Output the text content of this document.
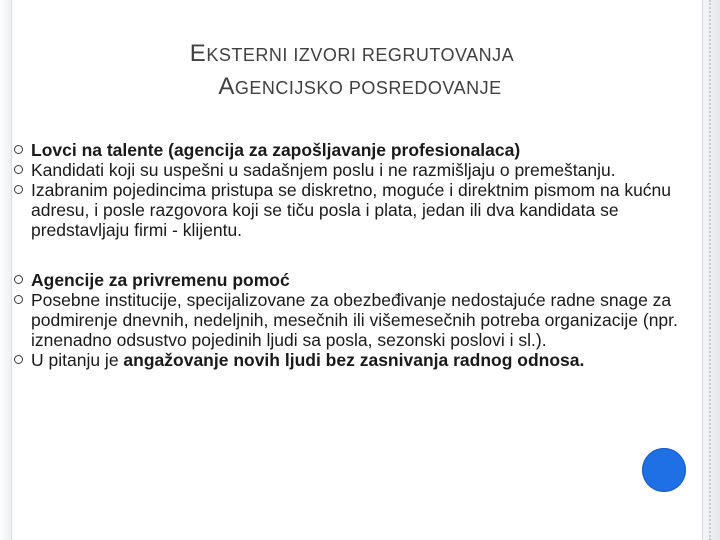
EKSTERNI IZVORI REGRUTOVANJA
AGENCIJSKO POSREDOVANJE
Lovci na talente (agencija za zapošljavanje profesionalaca)
Kandidati koji su uspešni u sadašnjem poslu i ne razmišljaju o premeštanju.
Izabranim pojedincima pristupa se diskretno, moguće i direktnim pismom na kućnu adresu, i posle razgovora koji se tiču posla i plata, jedan ili dva kandidata se predstavljaju firmi - klijentu.
Agencije za privremenu pomoć
Posebne institucije, specijalizovane za obezbeđivanje nedostajuće radne snage za podmirenje dnevnih, nedeljnih, mesečnih ili višemesečnih potreba organizacije (npr. iznenadno odsustvo pojedinih ljudi sa posla, sezonski poslovi i sl.).
U pitanju je angažovanje novih ljudi bez zasnivanja radnog odnosa.
